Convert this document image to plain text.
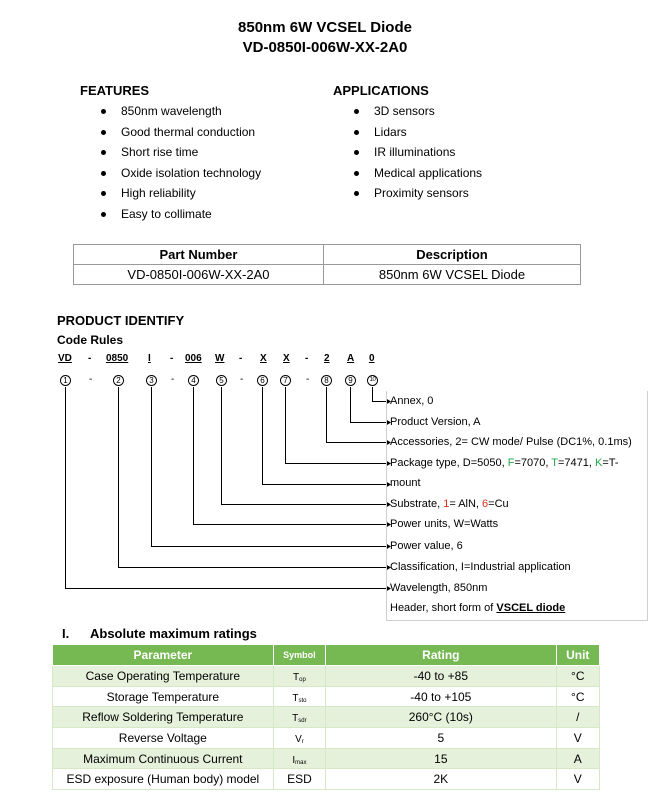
850nm 6W VCSEL Diode
VD-0850I-006W-XX-2A0
FEATURES
850nm wavelength
Good thermal conduction
Short rise time
Oxide isolation technology
High reliability
Easy to collimate
APPLICATIONS
3D sensors
Lidars
IR illuminations
Medical applications
Proximity sensors
Part Number	Description
VD-0850I-006W-XX-2A0	850nm 6W VCSEL Diode
PRODUCT IDENTIFY
Code Rules
VD - 0850 I - 006 W - X X - 2 A 0
1	-	2	3	-	4	5	-	6	7	-	8	9	10
Annex, 0
Product Version, A
Accessories, 2= CW mode/ Pulse (DC1%, 0.1ms)
Package type, D=5050, F=7070, T=7471, K=T-
mount
Substrate, 1= AlN, 6=Cu
Power units, W=Watts
Power value, 6
Classification, I=Industrial application
Wavelength, 850nm
Header, short form of VSCEL diode
I. Absolute maximum ratings
Parameter	Symbol	Rating	Unit
Case Operating Temperature	Top	-40 to +85	°C
Storage Temperature	Tsto	-40 to +105	°C
Reflow Soldering Temperature	Tsdr	260°C (10s)	/
Reverse Voltage	Vr	5	V
Maximum Continuous Current	Imax	15	A
ESD exposure (Human body) model	ESD	2K	V
